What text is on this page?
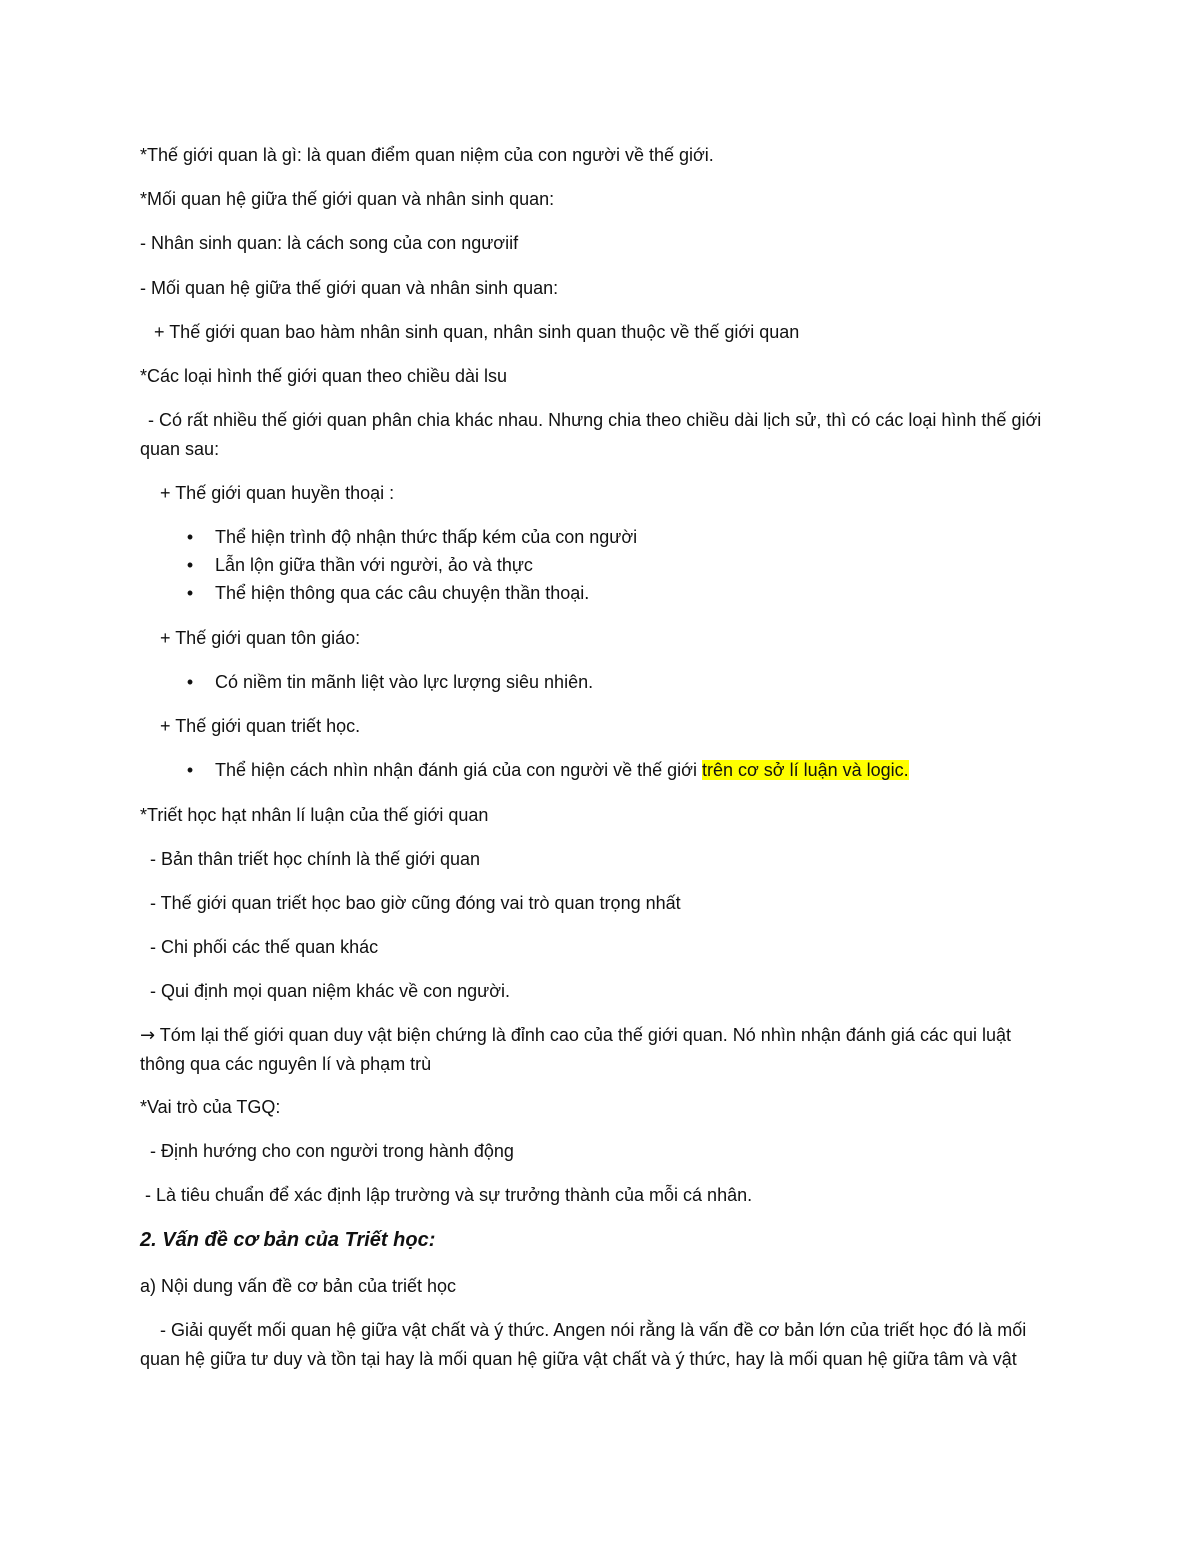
*Thế giới quan là gì: là quan điểm quan niệm của con người về thế giới.
*Mối quan hệ giữa thế giới quan và nhân sinh quan:
- Nhân sinh quan: là cách song của con ngươiif
- Mối quan hệ giữa thế giới quan và nhân sinh quan:
+ Thế giới quan bao hàm nhân sinh quan, nhân sinh quan thuộc về thế giới quan
*Các loại hình thế giới quan theo chiều dài lsu
- Có rất nhiều thế giới quan phân chia khác nhau. Nhưng chia theo chiều dài lịch sử, thì có các loại hình thế giới quan sau:
+ Thế giới quan huyền thoại :
•	Thể hiện trình độ nhận thức thấp kém của con người
•	Lẫn lộn giữa thần với người, ảo và thực
•	Thể hiện thông qua các câu chuyện thần thoại.
+ Thế giới quan tôn giáo:
•	Có niềm tin mãnh liệt vào lực lượng siêu nhiên.
+ Thế giới quan triết học.
•	Thể hiện cách nhìn nhận đánh giá của con người về thế giới trên cơ sở lí luận và logic.
*Triết học hạt nhân lí luận của thế giới quan
- Bản thân triết học chính là thế giới quan
- Thế giới quan triết học bao giờ cũng đóng vai trò quan trọng nhất
- Chi phối các thế quan khác
- Qui định mọi quan niệm khác về con người.
→ Tóm lại thế giới quan duy vật biện chứng là đỉnh cao của thế giới quan. Nó nhìn nhận đánh giá các qui luật thông qua các nguyên lí và phạm trù
*Vai trò của TGQ:
- Định hướng cho con người trong hành động
- Là tiêu chuẩn để xác định lập trường và sự trưởng thành của mỗi cá nhân.
2. Vấn đề cơ bản của Triết học:
a) Nội dung vấn đề cơ bản của triết học
- Giải quyết mối quan hệ giữa vật chất và ý thức. Angen nói rằng là vấn đề cơ bản lớn của triết học đó là mối quan hệ giữa tư duy và tồn tại hay là mối quan hệ giữa vật chất và ý thức, hay là mối quan hệ giữa tâm và vật
